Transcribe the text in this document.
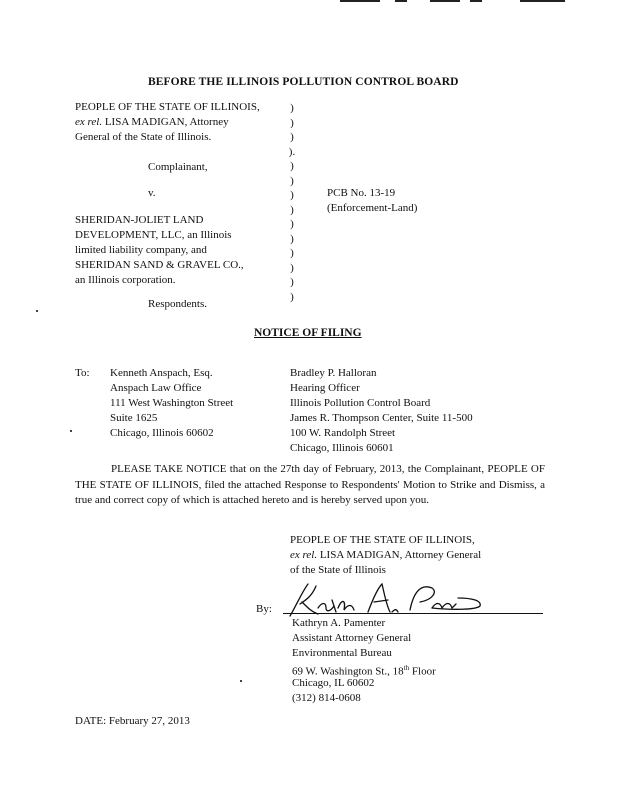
BEFORE THE ILLINOIS POLLUTION CONTROL BOARD
PEOPLE OF THE STATE OF ILLINOIS,
ex rel. LISA MADIGAN, Attorney
General of the State of Illinois.
Complainant,
v.
SHERIDAN-JOLIET LAND
DEVELOPMENT, LLC, an Illinois
limited liability company, and
SHERIDAN SAND & GRAVEL CO.,
an Illinois corporation.
Respondents.
)
)
)
).
)
)
)
)
)
)
)
)
)
)
PCB No. 13-19
(Enforcement-Land)
NOTICE OF FILING
To: Kenneth Anspach, Esq.
Anspach Law Office
111 West Washington Street
Suite 1625
Chicago, Illinois 60602
Bradley P. Halloran
Hearing Officer
Illinois Pollution Control Board
James R. Thompson Center, Suite 11-500
100 W. Randolph Street
Chicago, Illinois 60601
PLEASE TAKE NOTICE that on the 27th day of February, 2013, the Complainant, PEOPLE OF THE STATE OF ILLINOIS, filed the attached Response to Respondents' Motion to Strike and Dismiss, a true and correct copy of which is attached hereto and is hereby served upon you.
PEOPLE OF THE STATE OF ILLINOIS,
ex rel. LISA MADIGAN, Attorney General
of the State of Illinois
By:
Kathryn A. Pamenter
Assistant Attorney General
Environmental Bureau
69 W. Washington St., 18th Floor
Chicago, IL 60602
(312) 814-0608
DATE: February 27, 2013
